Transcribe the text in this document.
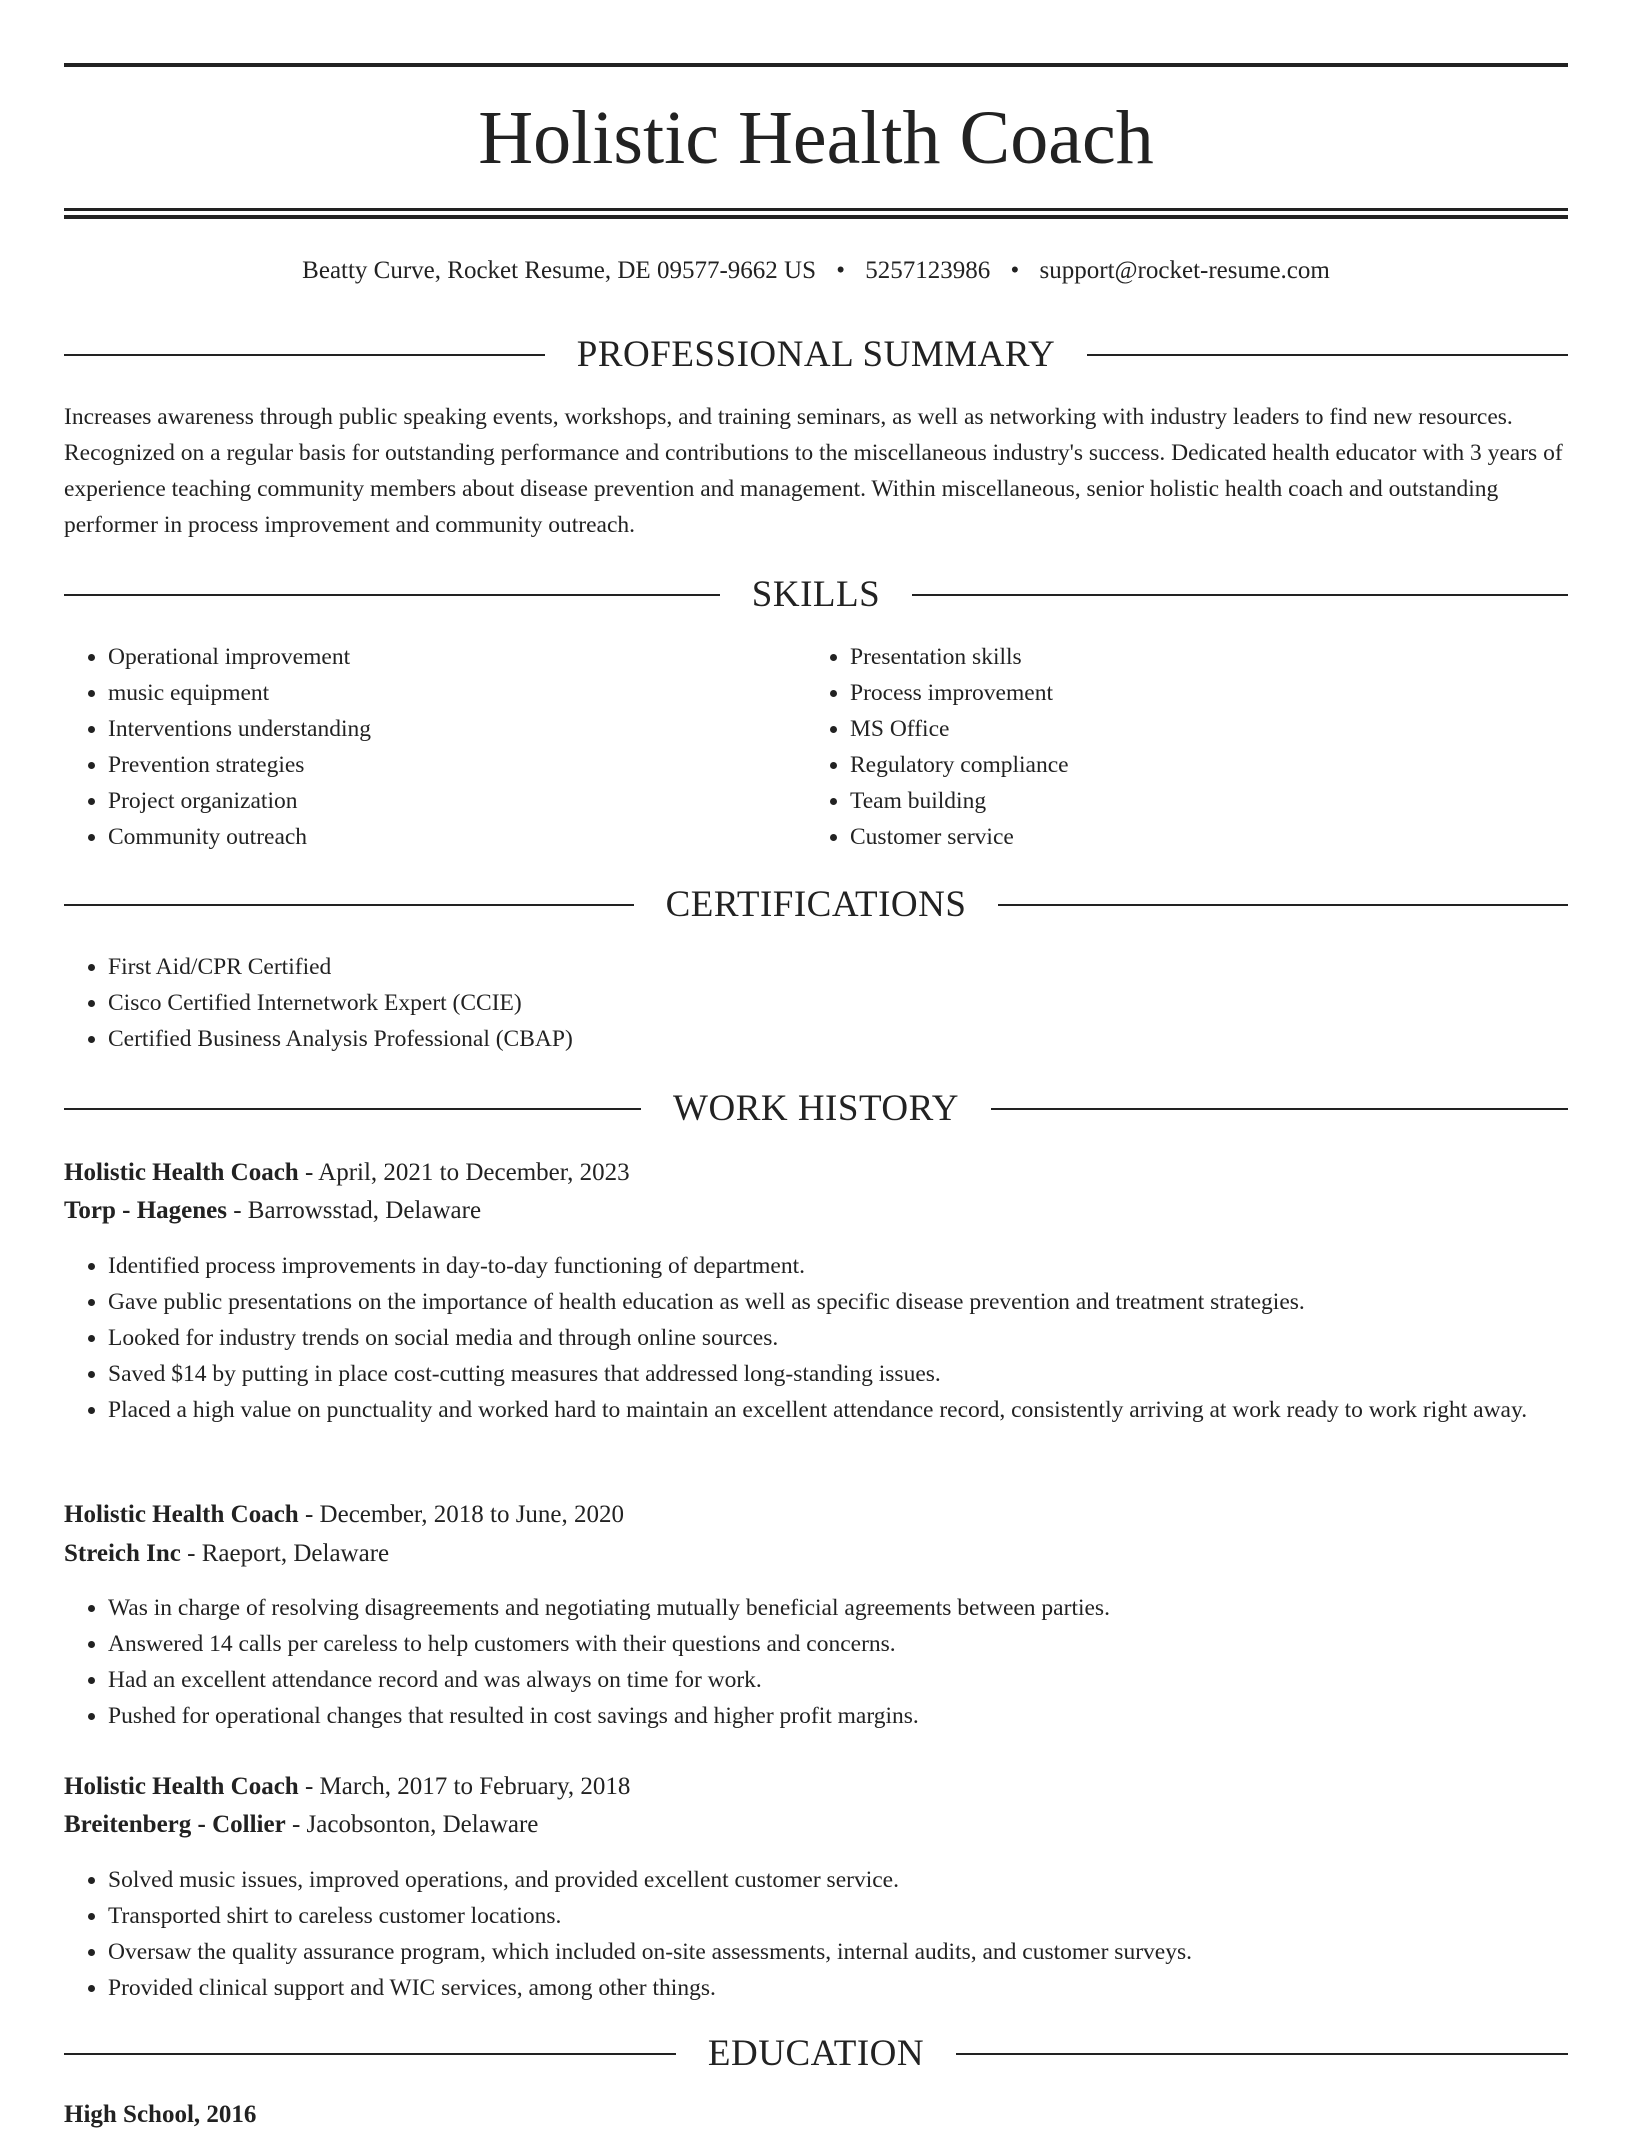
Holistic Health Coach
Beatty Curve, Rocket Resume, DE 09577-9662 US • 5257123986 • support@rocket-resume.com
PROFESSIONAL SUMMARY

Increases awareness through public speaking events, workshops, and training seminars, as well as networking with industry leaders to find new resources. Recognized on a regular basis for outstanding performance and contributions to the miscellaneous industry's success. Dedicated health educator with 3 years of experience teaching community members about disease prevention and management. Within miscellaneous, senior holistic health coach and outstanding performer in process improvement and community outreach.

SKILLS
• Operational improvement
• music equipment
• Interventions understanding
• Prevention strategies
• Project organization
• Community outreach
• Presentation skills
• Process improvement
• MS Office
• Regulatory compliance
• Team building
• Customer service
CERTIFICATIONS
• First Aid/CPR Certified
• Cisco Certified Internetwork Expert (CCIE)
• Certified Business Analysis Professional (CBAP)
WORK HISTORY
Holistic Health Coach - April, 2021 to December, 2023
Torp - Hagenes - Barrowsstad, Delaware
• Identified process improvements in day-to-day functioning of department.
• Gave public presentations on the importance of health education as well as specific disease prevention and treatment strategies.
• Looked for industry trends on social media and through online sources.
• Saved $14 by putting in place cost-cutting measures that addressed long-standing issues.
• Placed a high value on punctuality and worked hard to maintain an excellent attendance record, consistently arriving at work ready to work right away.
Holistic Health Coach - December, 2018 to June, 2020
Streich Inc - Raeport, Delaware
• Was in charge of resolving disagreements and negotiating mutually beneficial agreements between parties.
• Answered 14 calls per careless to help customers with their questions and concerns.
• Had an excellent attendance record and was always on time for work.
• Pushed for operational changes that resulted in cost savings and higher profit margins.
Holistic Health Coach - March, 2017 to February, 2018
Breitenberg - Collier - Jacobsonton, Delaware
• Solved music issues, improved operations, and provided excellent customer service.
• Transported shirt to careless customer locations.
• Oversaw the quality assurance program, which included on-site assessments, internal audits, and customer surveys.
• Provided clinical support and WIC services, among other things.
EDUCATION
High School, 2016
